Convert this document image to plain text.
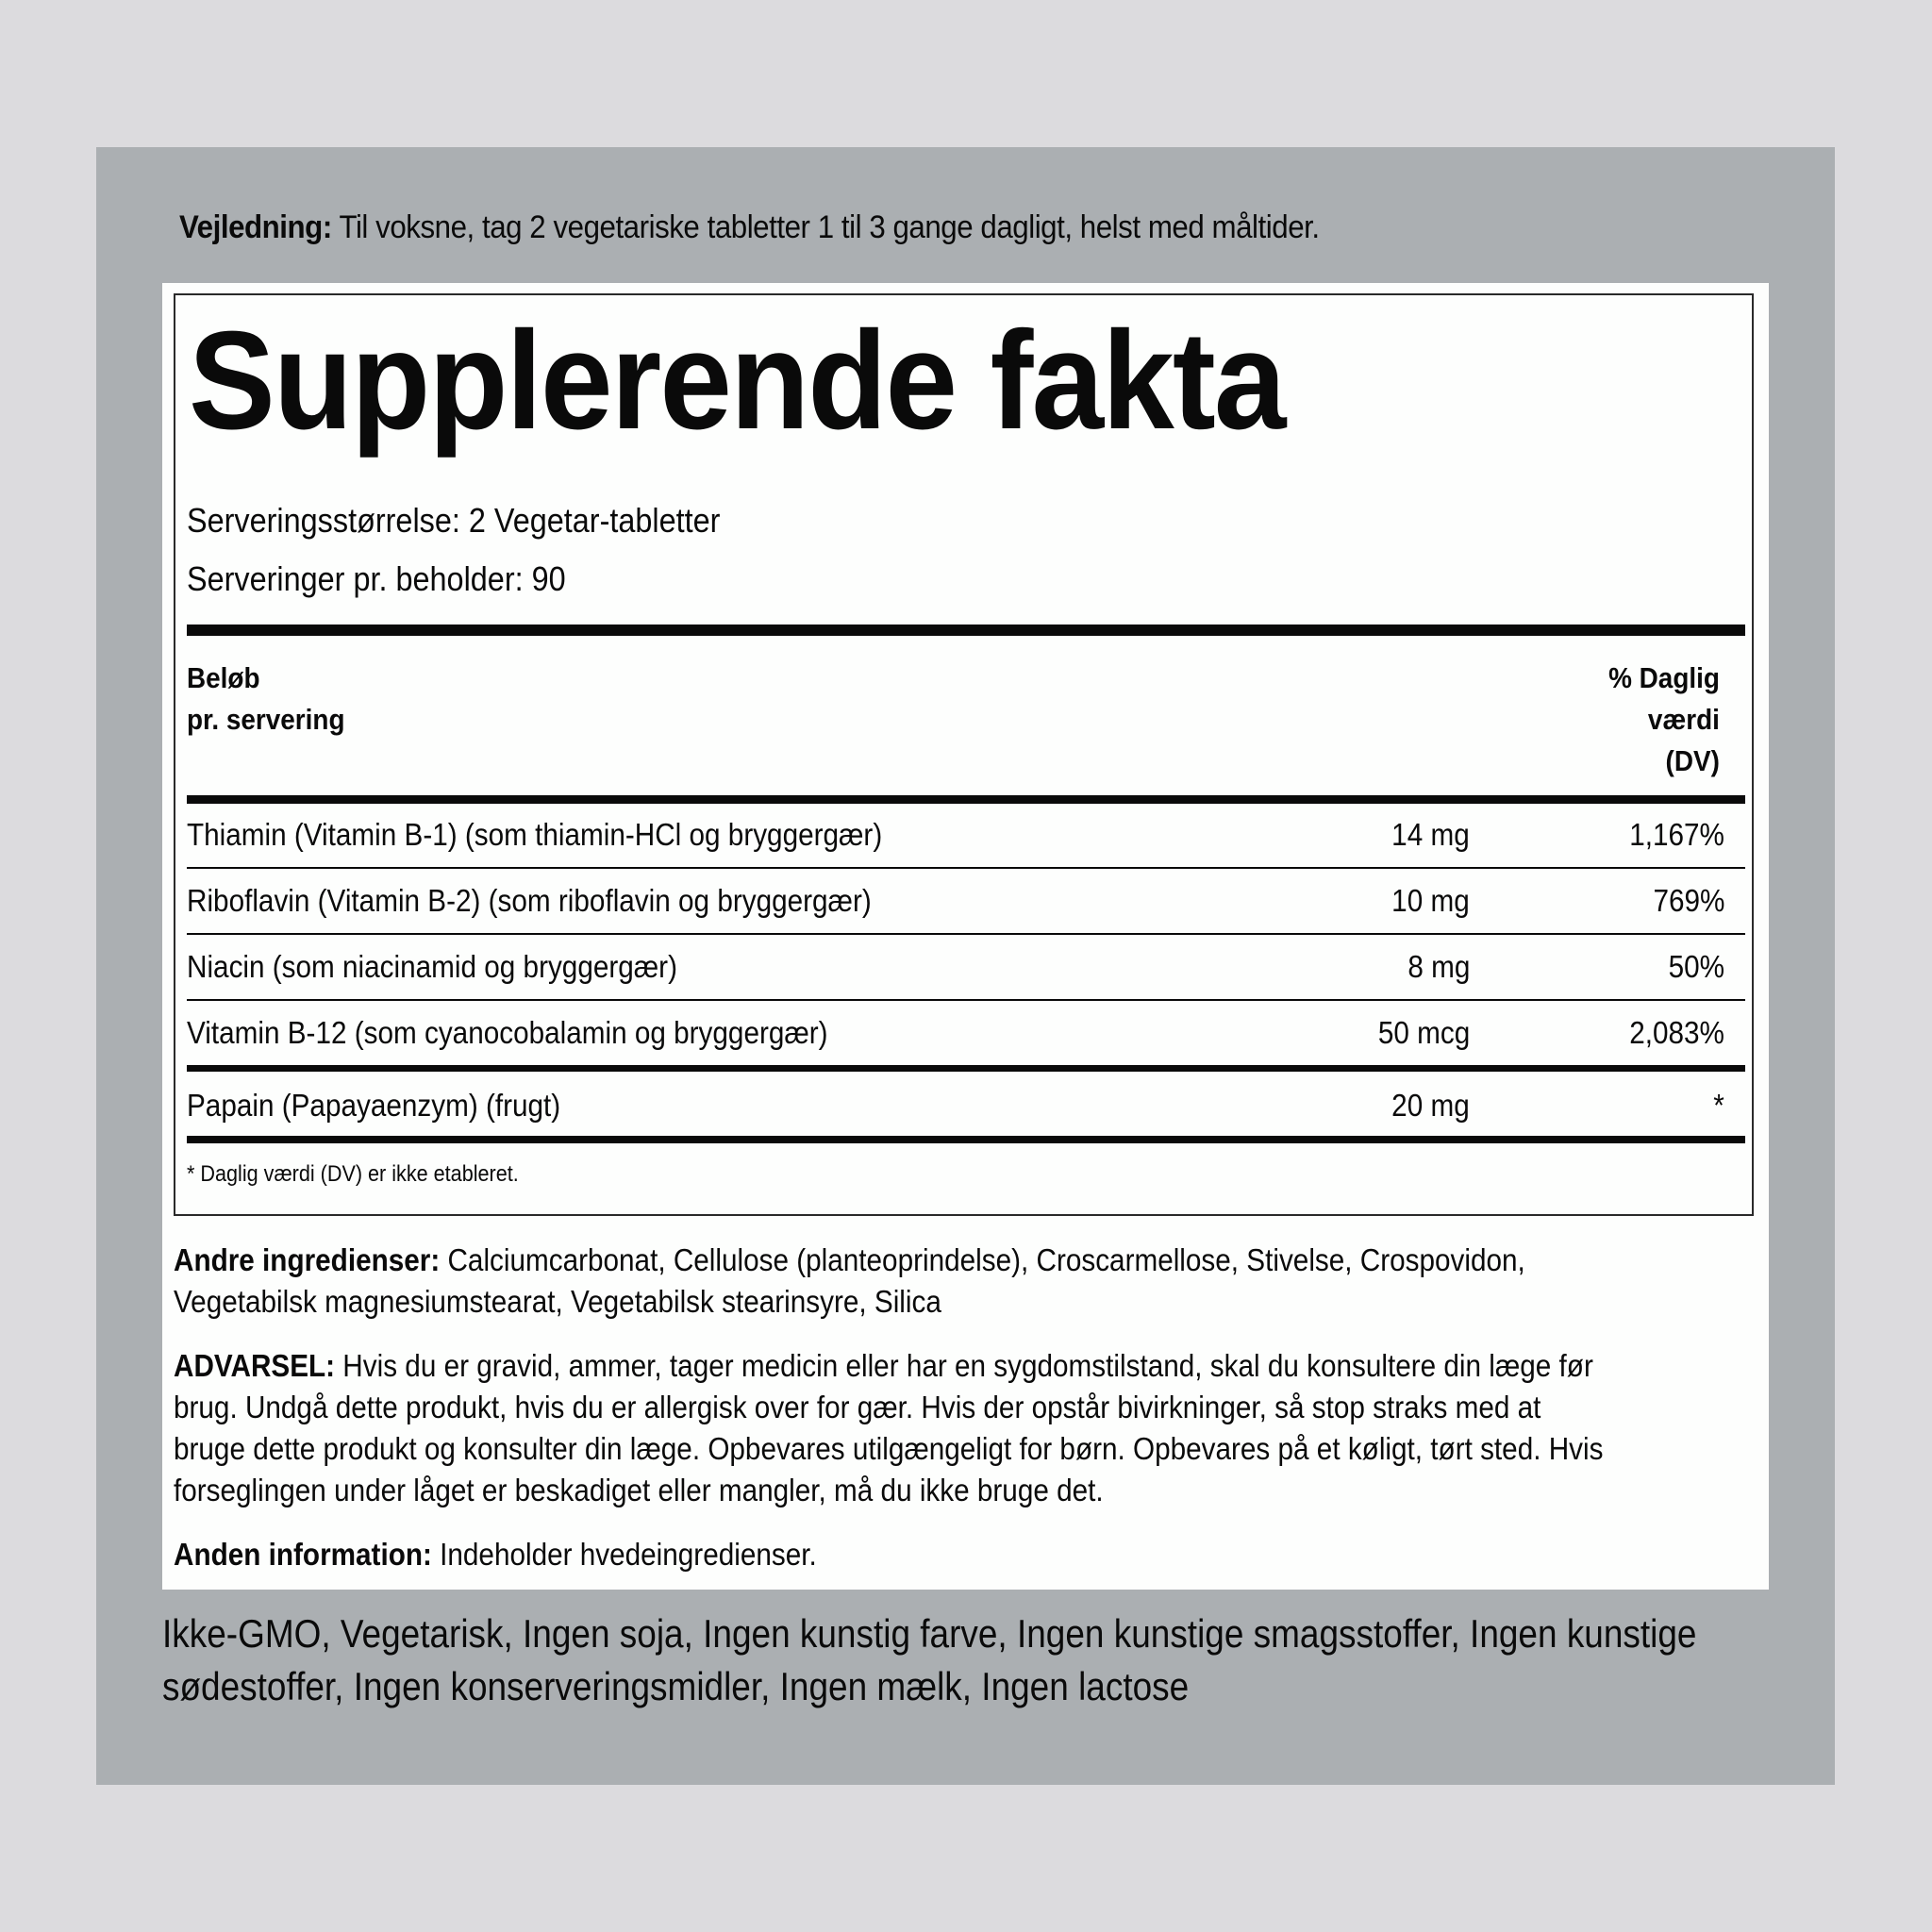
Vejledning: Til voksne, tag 2 vegetariske tabletter 1 til 3 gange dagligt, helst med måltider.
Supplerende fakta
Serveringsstørrelse: 2 Vegetar-tabletter
Serveringer pr. beholder: 90
Beløb
pr. servering
% Daglig
værdi
(DV)
Thiamin (Vitamin B-1) (som thiamin-HCl og bryggergær)	14 mg	1,167%
Riboflavin (Vitamin B-2) (som riboflavin og bryggergær)	10 mg	769%
Niacin (som niacinamid og bryggergær)	8 mg	50%
Vitamin B-12 (som cyanocobalamin og bryggergær)	50 mcg	2,083%
Papain (Papayaenzym) (frugt)	20 mg	*
* Daglig værdi (DV) er ikke etableret.
Andre ingredienser: Calciumcarbonat, Cellulose (planteoprindelse), Croscarmellose, Stivelse, Crospovidon, Vegetabilsk magnesiumstearat, Vegetabilsk stearinsyre, Silica
ADVARSEL: Hvis du er gravid, ammer, tager medicin eller har en sygdomstilstand, skal du konsultere din læge før brug. Undgå dette produkt, hvis du er allergisk over for gær. Hvis der opstår bivirkninger, så stop straks med at bruge dette produkt og konsulter din læge. Opbevares utilgængeligt for børn. Opbevares på et køligt, tørt sted. Hvis forseglingen under låget er beskadiget eller mangler, må du ikke bruge det.
Anden information: Indeholder hvedeingredienser.
Ikke-GMO, Vegetarisk, Ingen soja, Ingen kunstig farve, Ingen kunstige smagsstoffer, Ingen kunstige sødestoffer, Ingen konserveringsmidler, Ingen mælk, Ingen lactose
